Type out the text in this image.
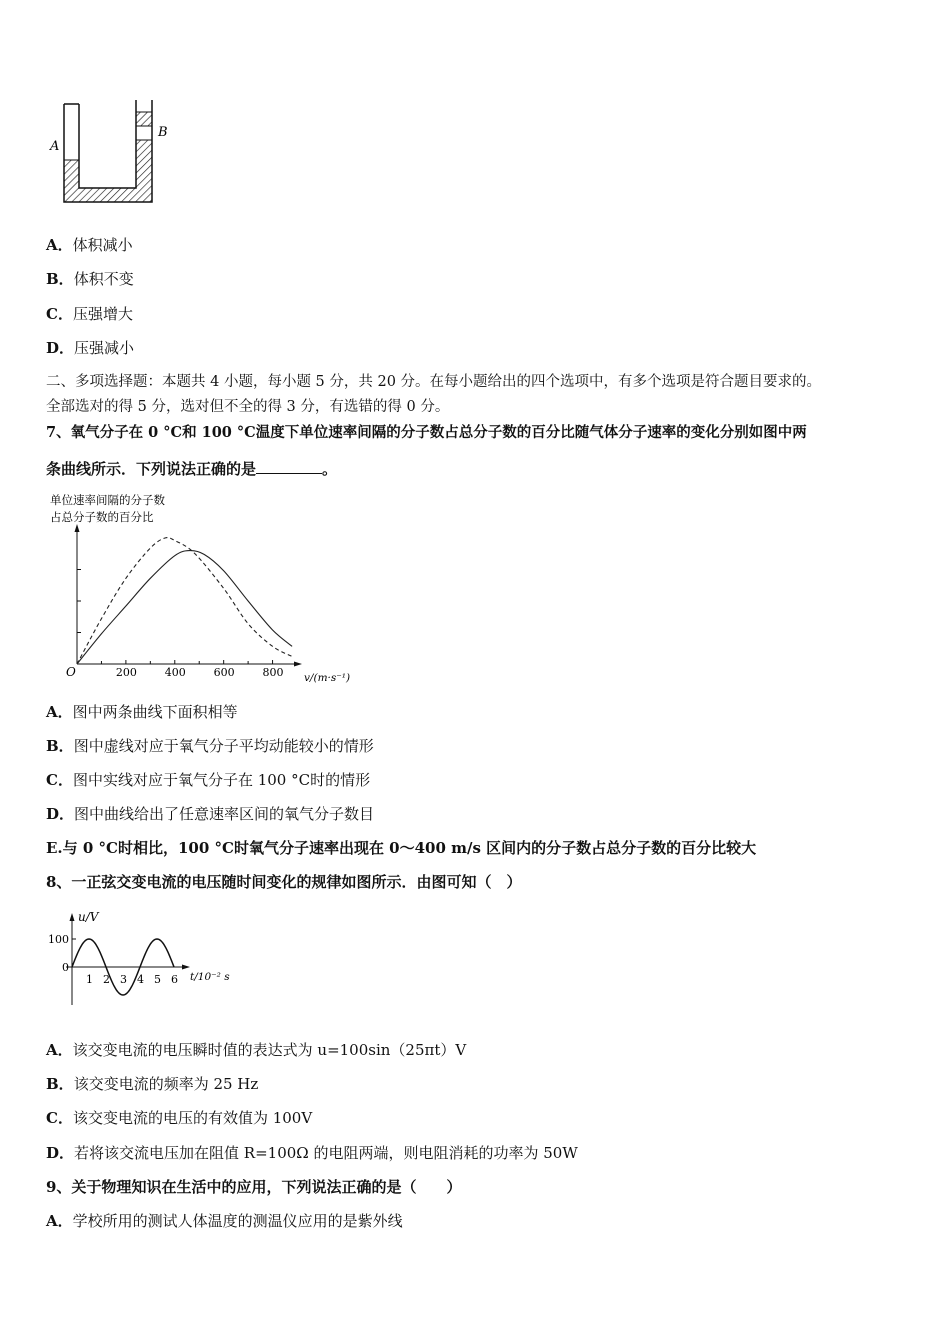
A
B
A．体积减小
B．体积不变
C．压强增大
D．压强减小
二、多项选择题：本题共 4 小题，每小题 5 分，共 20 分。在每小题给出的四个选项中，有多个选项是符合题目要求的。
全部选对的得 5 分，选对但不全的得 3 分，有选错的得 0 分。
7、氧气分子在 0 °C和 100 °C温度下单位速率间隔的分子数占总分子数的百分比随气体分子速率的变化分别如图中两
条曲线所示．下列说法正确的是	。
单位速率间隔的分子数
占总分子数的百分比
O	v/(m·s⁻¹)
200	400	600	800
A．图中两条曲线下面积相等
B．图中虚线对应于氧气分子平均动能较小的情形
C．图中实线对应于氧气分子在 100 °C时的情形
D．图中曲线给出了任意速率区间的氧气分子数目
E.与 0 °C时相比，100 °C时氧气分子速率出现在 0～400 m/s 区间内的分子数占总分子数的百分比较大
8、一正弦交变电流的电压随时间变化的规律如图所示．由图可知（　）
u/V
100
0
t/10⁻² s
1 2 3 4 5 6
A．该交变电流的电压瞬时值的表达式为 u=100sin（25πt）V
B．该交变电流的频率为 25 Hz
C．该交变电流的电压的有效值为 100V
D．若将该交流电压加在阻值 R=100Ω 的电阻两端，则电阻消耗的功率为 50W
9、关于物理知识在生活中的应用，下列说法正确的是（　　）
A．学校所用的测试人体温度的测温仪应用的是紫外线
